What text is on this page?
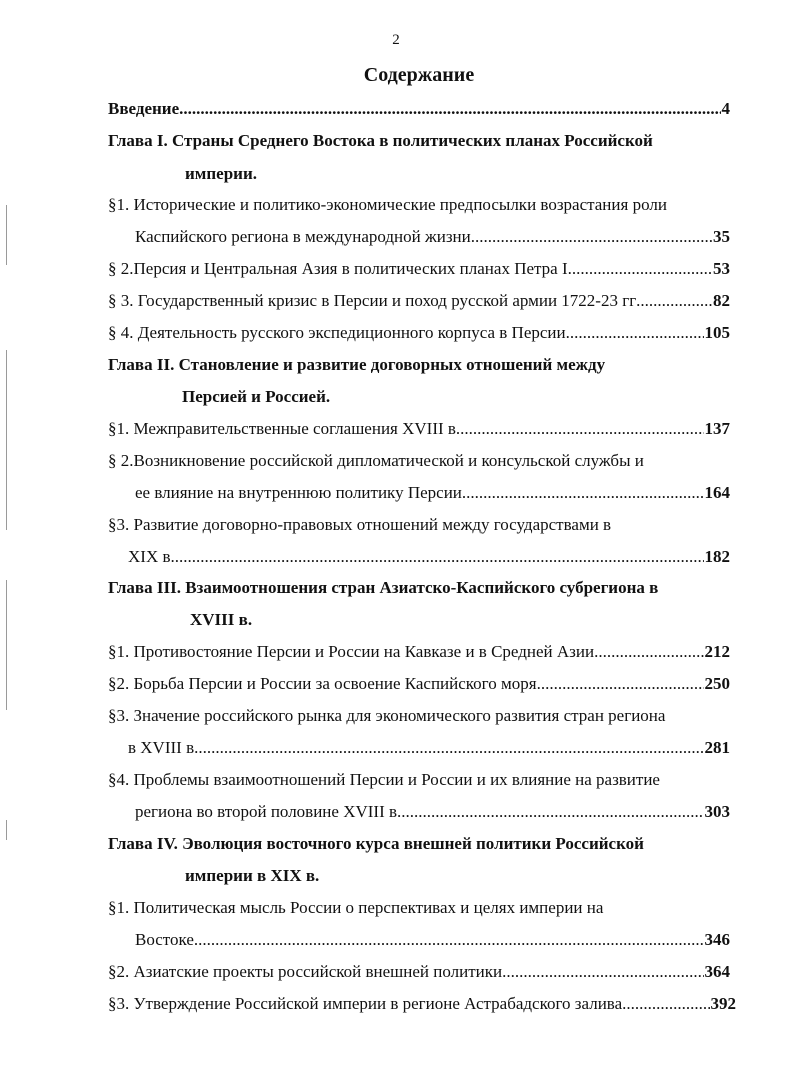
2
Содержание
Введение .....	4
Глава I. Страны Среднего Востока в политических планах Российской
империи.
§1. Исторические и политико-экономические предпосылки возрастания роли
Каспийского региона в международной жизни .....	35
§ 2.Персия и Центральная Азия в политических планах Петра I .....	53
§ 3. Государственный кризис в Персии и поход русской армии 1722-23 гг .....	82
§ 4. Деятельность русского экспедиционного корпуса в Персии .....	105
Глава II. Становление и развитие договорных отношений между
Персией и Россией.
§1. Межправительственные соглашения XVIII в .....	137
§ 2.Возникновение российской дипломатической и консульской службы и
ее влияние на внутреннюю политику Персии .....	164
§3. Развитие договорно-правовых отношений между государствами в
XIX в .....	182
Глава III. Взаимоотношения стран Азиатско-Каспийского субрегиона в
XVIII в.
§1. Противостояние Персии и России на Кавказе и в Средней Азии .....	212
§2. Борьба Персии и России за освоение Каспийского моря .....	250
§3. Значение российского рынка для экономического развития стран региона
в XVIII в .....	281
§4. Проблемы взаимоотношений Персии и России и их влияние на развитие
региона во второй половине XVIII в .....	303
Глава IV. Эволюция восточного курса внешней политики Российской
империи в XIX в.
§1. Политическая мысль России о перспективах и целях империи на
Востоке .....	346
§2. Азиатские проекты российской внешней политики .....	364
§3. Утверждение Российской империи в регионе Астрабадского залива .....	392
